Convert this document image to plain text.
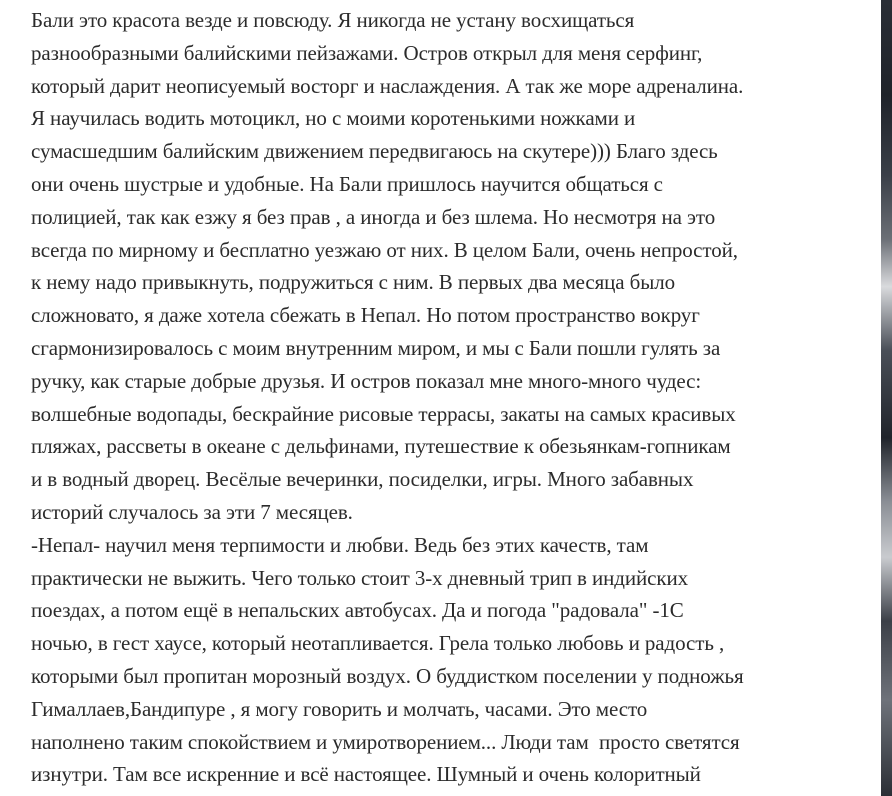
Бали это красота везде и повсюду. Я никогда не устану восхищаться
разнообразными балийскими пейзажами. Остров открыл для меня серфинг,
который дарит неописуемый восторг и наслаждения. А так же море адреналина.
Я научилась водить мотоцикл, но с моими коротенькими ножками и
сумасшедшим балийским движением передвигаюсь на скутере))) Благо здесь
они очень шустрые и удобные. На Бали пришлось научится общаться с
полицией, так как езжу я без прав , а иногда и без шлема. Но несмотря на это
всегда по мирному и бесплатно уезжаю от них. В целом Бали, очень непростой,
к нему надо привыкнуть, подружиться с ним. В первых два месяца было
сложновато, я даже хотела сбежать в Непал. Но потом пространство вокруг
сгармонизировалось с моим внутренним миром, и мы с Бали пошли гулять за
ручку, как старые добрые друзья. И остров показал мне много-много чудес:
волшебные водопады, бескрайние рисовые террасы, закаты на самых красивых
пляжах, рассветы в океане с дельфинами, путешествие к обезьянкам-гопникам
и в водный дворец. Весёлые вечеринки, посиделки, игры. Много забавных
историй случалось за эти 7 месяцев.
-Непал- научил меня терпимости и любви. Ведь без этих качеств, там
практически не выжить. Чего только стоит 3-х дневный трип в индийских
поездах, а потом ещё в непальских автобусах. Да и погода "радовала" -1С
ночью, в гест хаусе, который неотапливается. Грела только любовь и радость ,
которыми был пропитан морозный воздух. О буддистком поселении у подножья
Гималлаев,Бандипуре , я могу говорить и молчать, часами. Это место
наполнено таким спокойствием и умиротворением... Люди там  просто светятся
изнутри. Там все искренние и всё настоящее. Шумный и очень колоритный
